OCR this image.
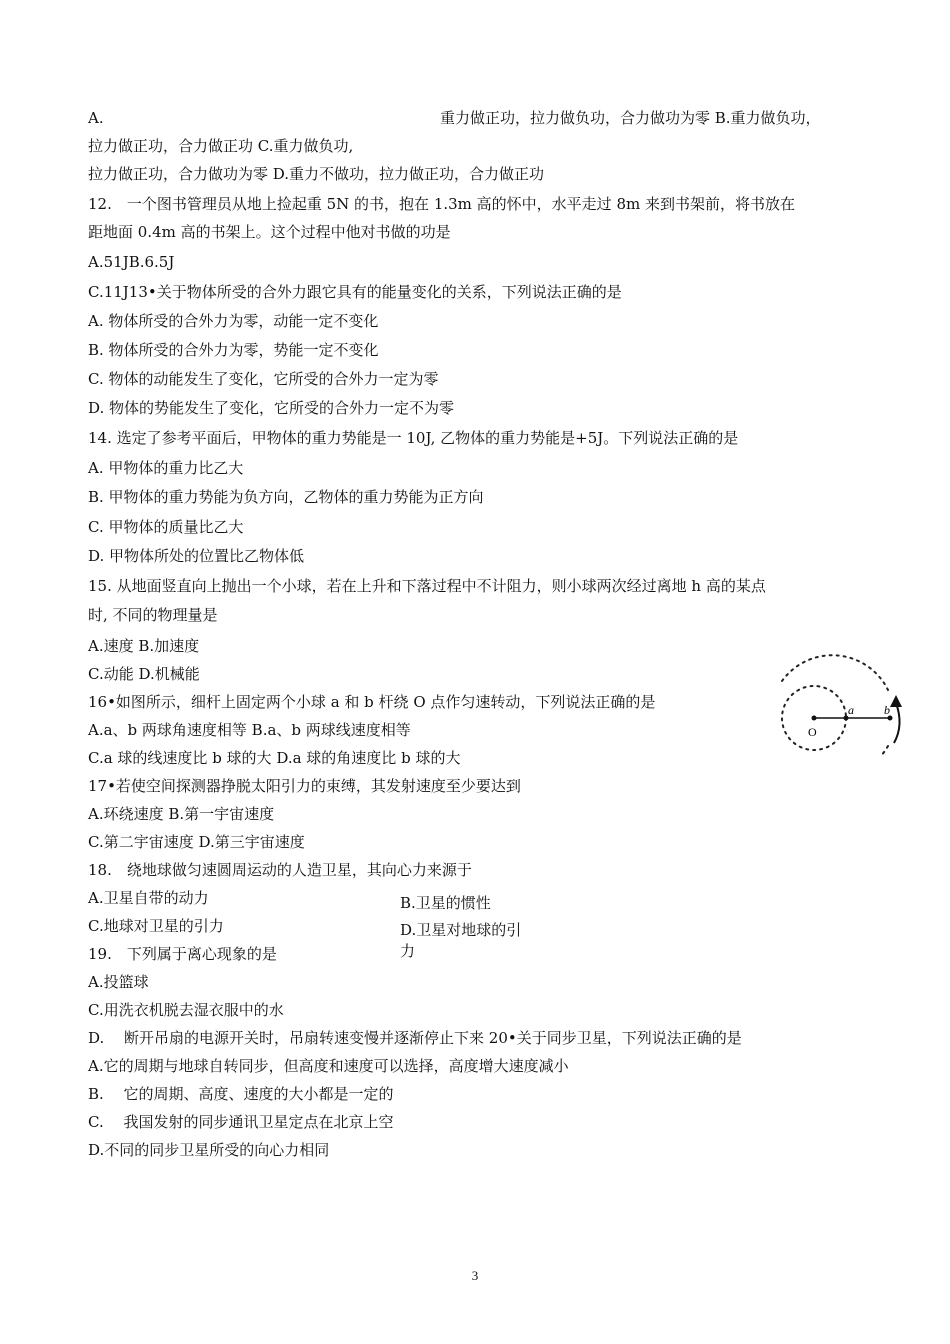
A.	重力做正功，拉力做负功，合力做功为零 B.重力做负功，
拉力做正功，合力做正功 C.重力做负功,
拉力做正功，合力做功为零 D.重力不做功，拉力做正功，合力做正功
12.　一个图书管理员从地上捡起重 5N 的书，抱在 1.3m 高的怀中，水平走过 8m 来到书架前，将书放在
距地面 0.4m 高的书架上。这个过程中他对书做的功是
A.51JB.6.5J
C.11J13•关于物体所受的合外力跟它具有的能量变化的关系，下列说法正确的是
A. 物体所受的合外力为零，动能一定不变化
B. 物体所受的合外力为零，势能一定不变化
C. 物体的动能发生了变化，它所受的合外力一定为零
D. 物体的势能发生了变化，它所受的合外力一定不为零
14. 选定了参考平面后，甲物体的重力势能是一 10J, 乙物体的重力势能是+5J。下列说法正确的是
A. 甲物体的重力比乙大
B. 甲物体的重力势能为负方向，乙物体的重力势能为正方向
C. 甲物体的质量比乙大
D. 甲物体所处的位置比乙物体低
15. 从地面竖直向上抛出一个小球，若在上升和下落过程中不计阻力，则小球两次经过离地 h 高的某点
时, 不同的物理量是
A.速度 B.加速度
C.动能 D.机械能
16•如图所示，细杆上固定两个小球 a 和 b 杆绕 O 点作匀速转动，下列说法正确的是
A.a、b 两球角速度相等 B.a、b 两球线速度相等
C.a 球的线速度比 b 球的大 D.a 球的角速度比 b 球的大
17•若使空间探测器挣脱太阳引力的束缚，其发射速度至少要达到
A.环绕速度 B.第一宇宙速度
C.第二宇宙速度 D.第三宇宙速度
18.　绕地球做匀速圆周运动的人造卫星，其向心力来源于
A.卫星自带的动力	B.卫星的惯性
C.地球对卫星的引力	D.卫星对地球的引
力
19.　下列属于离心现象的是
A.投篮球
C.用洗衣机脱去湿衣服中的水
D.　 断开吊扇的电源开关时，吊扇转速变慢并逐渐停止下来 20•关于同步卫星，下列说法正确的是
A.它的周期与地球自转同步，但高度和速度可以选择，高度增大速度减小
B.　 它的周期、高度、速度的大小都是一定的
C.　 我国发射的同步通讯卫星定点在北京上空
D.不同的同步卫星所受的向心力相同
O
a	b
3
